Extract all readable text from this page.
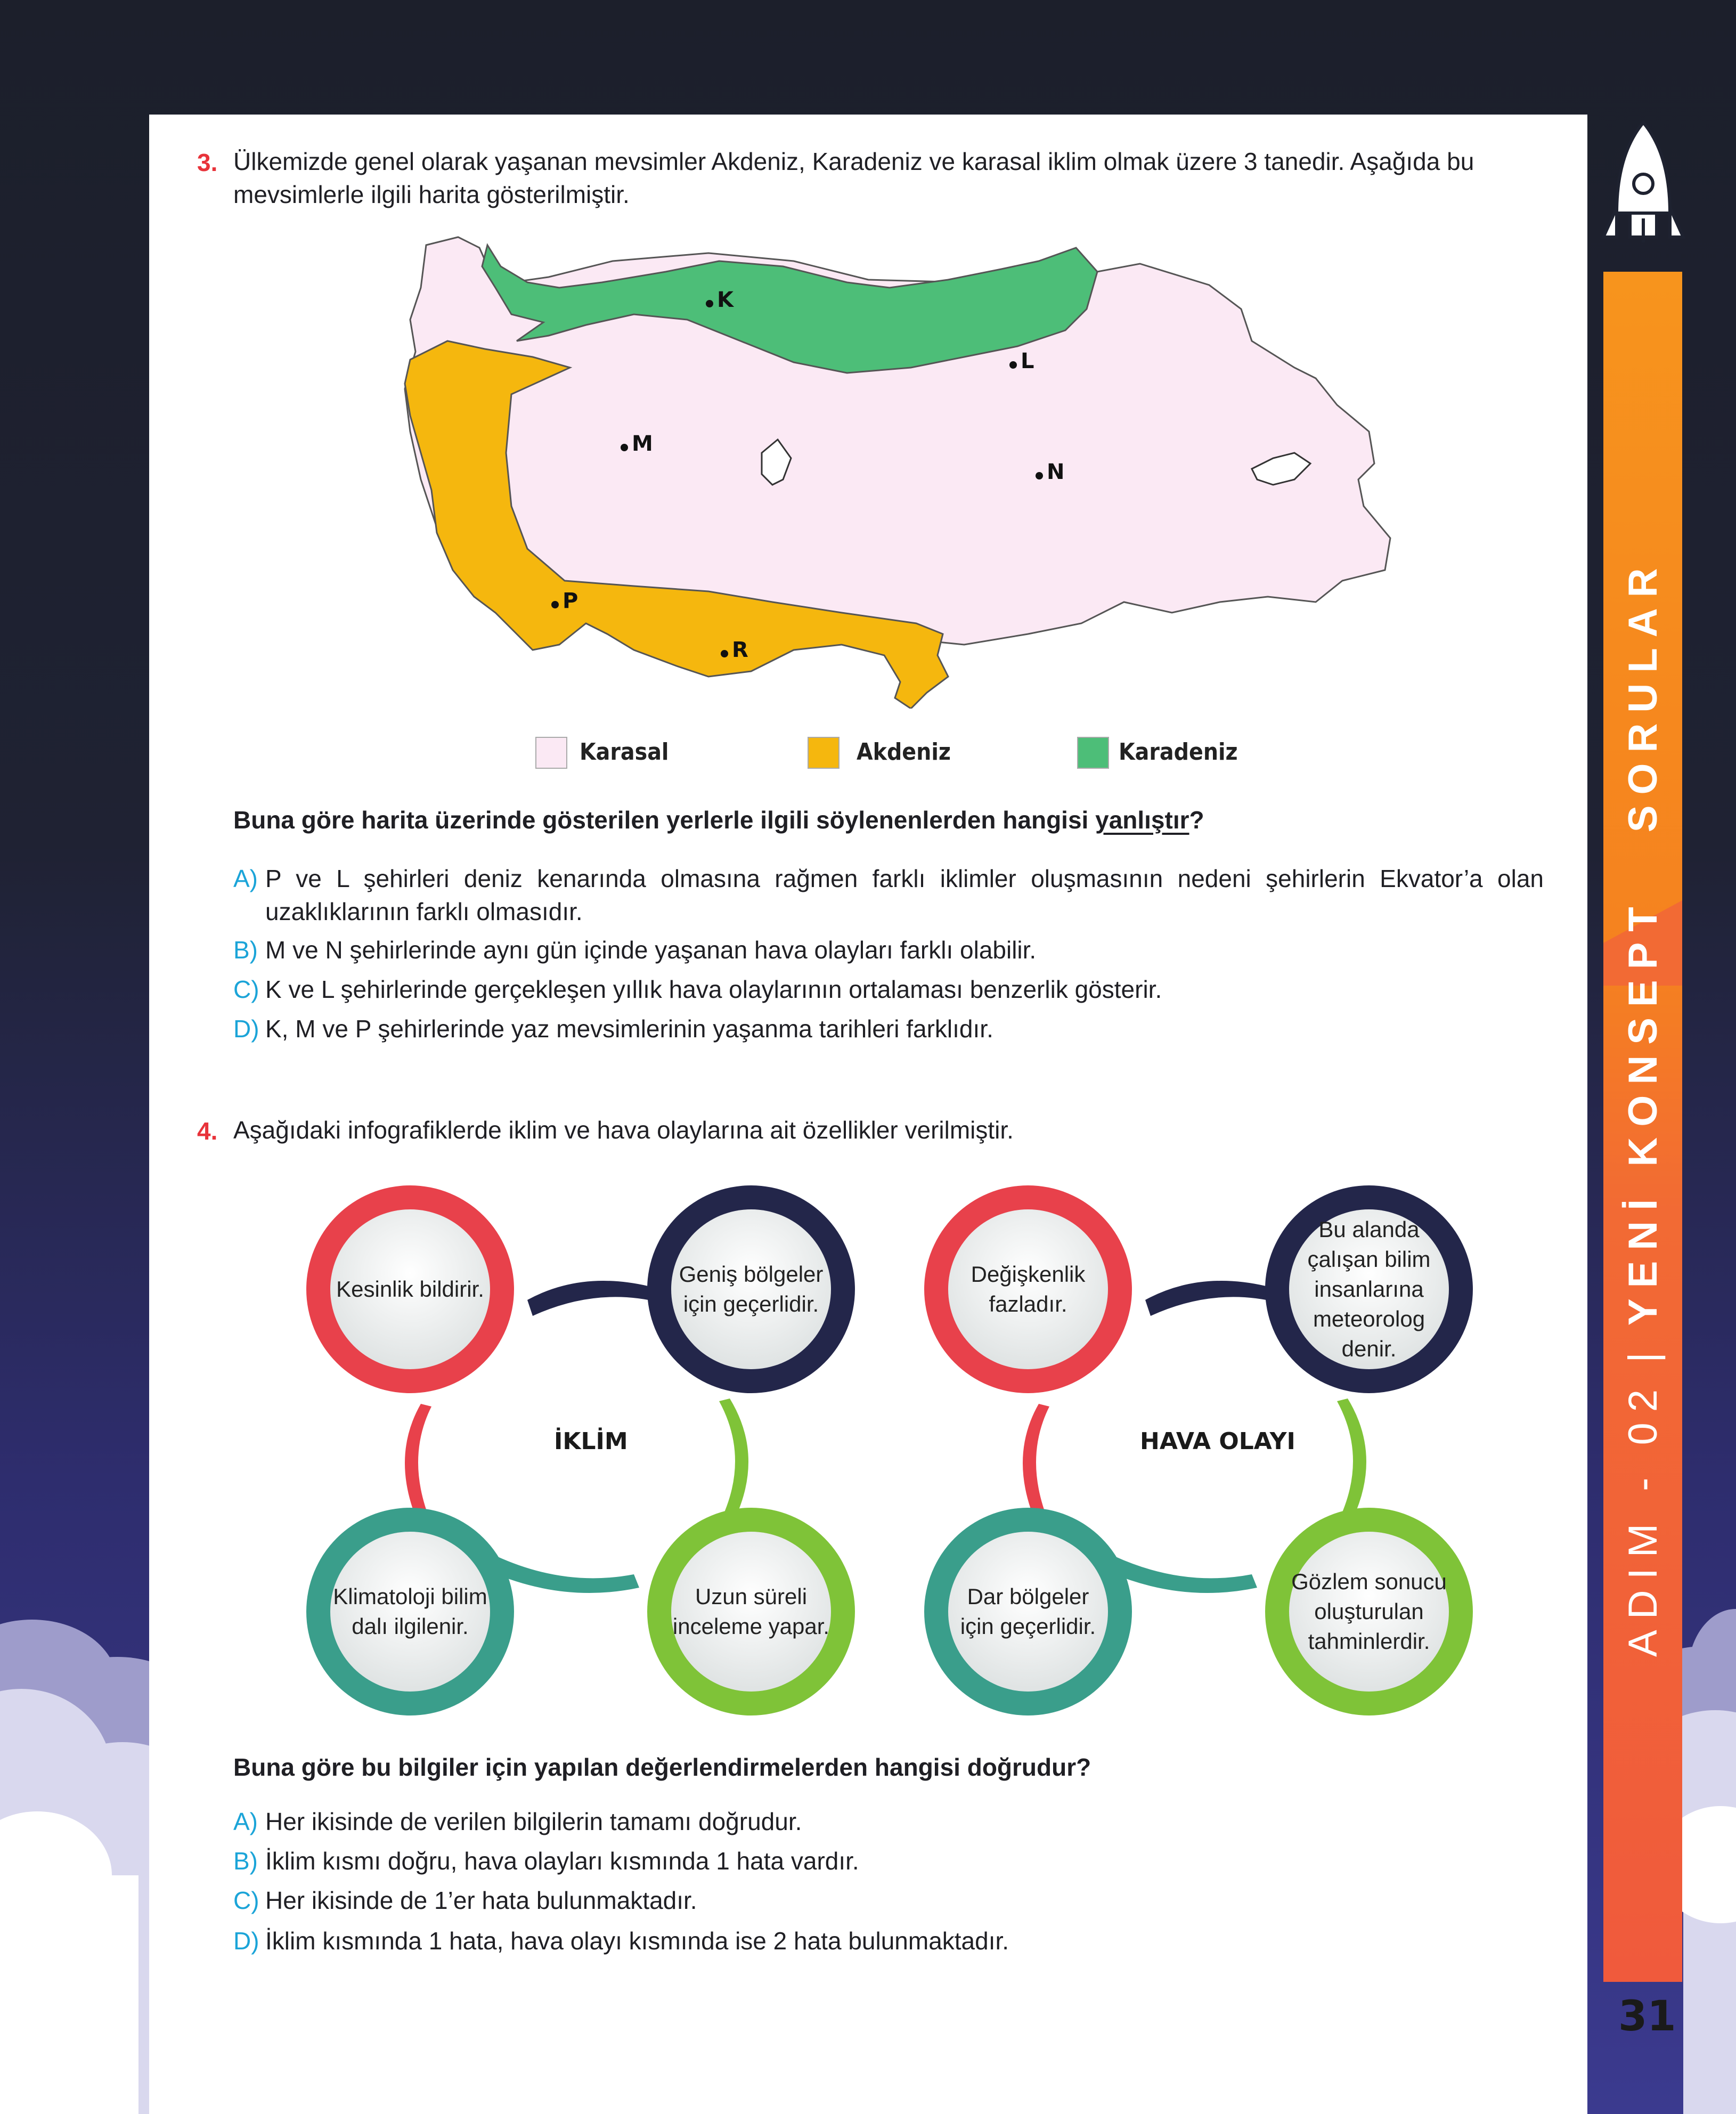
3. Ülkemizde genel olarak yaşanan mevsimler Akdeniz, Karadeniz ve karasal iklim olmak üzere 3 tanedir. Aşağıda bu mevsimlerle ilgili harita gösterilmiştir.
K
L
M
N
P
R
Karasal	Akdeniz	Karadeniz
Buna göre harita üzerinde gösterilen yerlerle ilgili söylenenlerden hangisi yanlıştır?
A) P ve L şehirleri deniz kenarında olmasına rağmen farklı iklimler oluşmasının nedeni şehirlerin Ekvator’a olan uzaklıklarının farklı olmasıdır.
B) M ve N şehirlerinde aynı gün içinde yaşanan hava olayları farklı olabilir.
C) K ve L şehirlerinde gerçekleşen yıllık hava olaylarının ortalaması benzerlik gösterir.
D) K, M ve P şehirlerinde yaz mevsimlerinin yaşanma tarihleri farklıdır.
4. Aşağıdaki infografiklerde iklim ve hava olaylarına ait özellikler verilmiştir.
Kesinlik bildirir.
Geniş bölgeler için geçerlidir.
Klimatoloji bilim dalı ilgilenir.
Uzun süreli inceleme yapar.
İKLİM
Değişkenlik fazladır.
Bu alanda çalışan bilim insanlarına meteorolog denir.
Dar bölgeler için geçerlidir.
Gözlem sonucu oluşturulan tahminlerdir.
HAVA OLAYI
Buna göre bu bilgiler için yapılan değerlendirmelerden hangisi doğrudur?
A) Her ikisinde de verilen bilgilerin tamamı doğrudur.
B) İklim kısmı doğru, hava olayları kısmında 1 hata vardır.
C) Her ikisinde de 1’er hata bulunmaktadır.
D) İklim kısmında 1 hata, hava olayı kısmında ise 2 hata bulunmaktadır.
ADIM - 02
|
YENİ KONSEPT
SORULAR
31
